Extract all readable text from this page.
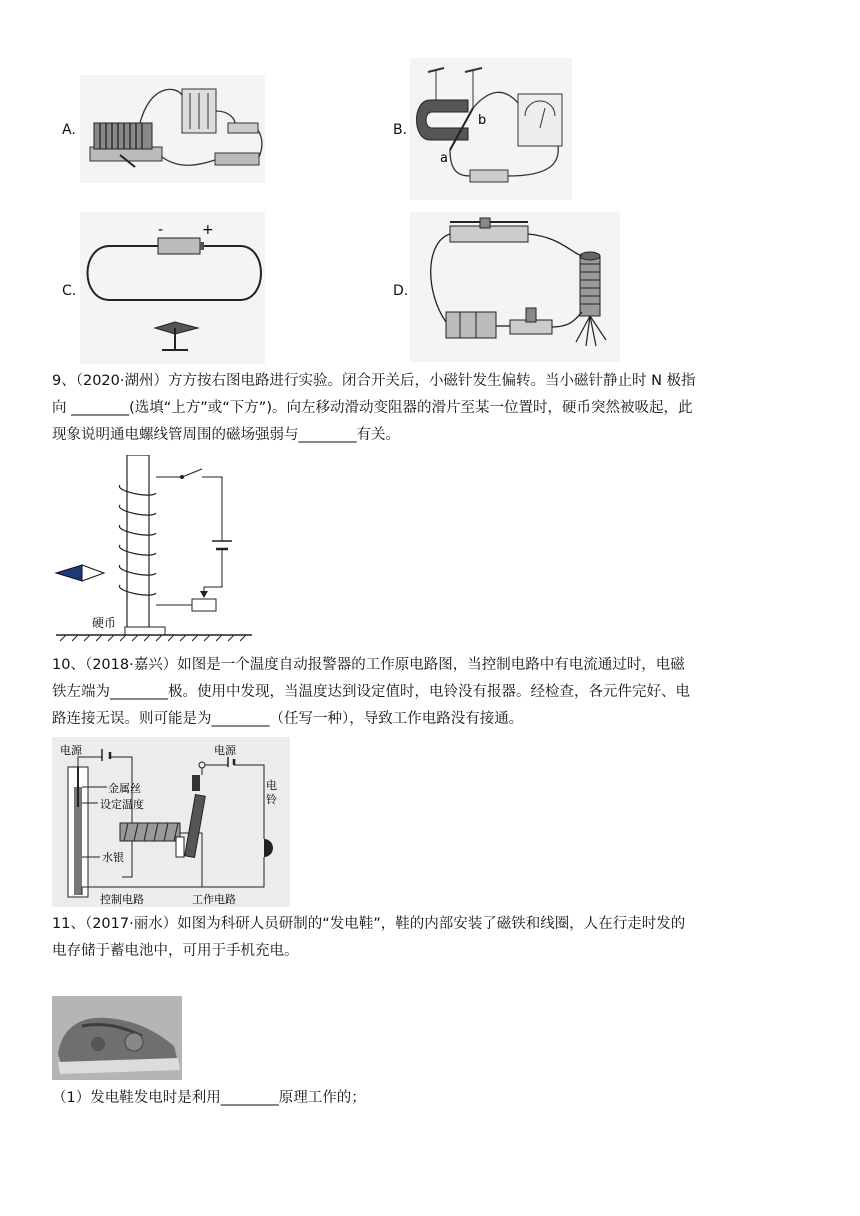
A.	B.
b
a
C.
-	+
D.
9、（2020·湖州）方方按右图电路进行实验。闭合开关后，小磁针发生偏转。当小磁针静止时 N 极指
向 ________(选填“上方”或“下方”)。向左移动滑动变阻器的滑片至某一位置时，硬币突然被吸起，此
现象说明通电螺线管周围的磁场强弱与________有关。
硬币
10、（2018·嘉兴）如图是一个温度自动报警器的工作原电路图，当控制电路中有电流通过时，电磁
铁左端为________极。使用中发现，当温度达到设定值时，电铃没有报器。经检查，各元件完好、电
路连接无误。则可能是为________（任写一种），导致工作电路没有接通。
电源	电源
金属丝
设定温度
水银
电
铃
控制电路	工作电路
11、（2017·丽水）如图为科研人员研制的“发电鞋”，鞋的内部安装了磁铁和线圈，人在行走时发的
电存储于蓄电池中，可用于手机充电。
（1）发电鞋发电时是利用________原理工作的；
